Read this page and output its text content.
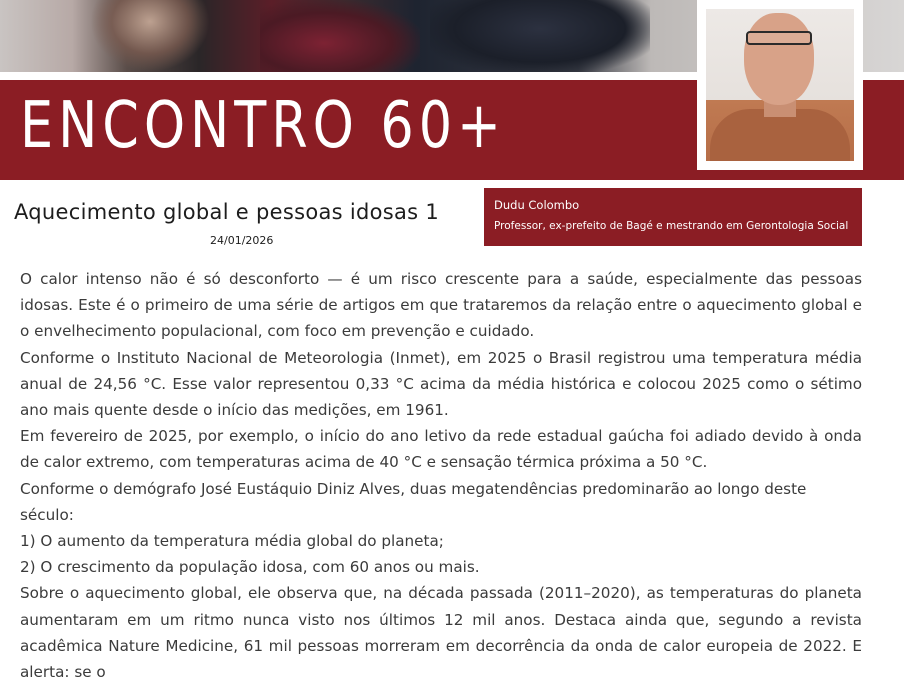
ENCONTRO 60+
Aquecimento global e pessoas idosas 1
24/01/2026
Dudu Colombo
Professor, ex-prefeito de Bagé e mestrando em Gerontologia Social

O calor intenso não é só desconforto — é um risco crescente para a saúde, especialmente das pessoas idosas. Este é o primeiro de uma série de artigos em que trataremos da relação entre o aquecimento global e o envelhecimento populacional, com foco em prevenção e cuidado.

Conforme o Instituto Nacional de Meteorologia (Inmet), em 2025 o Brasil registrou uma temperatura média anual de 24,56 °C. Esse valor representou 0,33 °C acima da média histórica e colocou 2025 como o sétimo ano mais quente desde o início das medições, em 1961.

Em fevereiro de 2025, por exemplo, o início do ano letivo da rede estadual gaúcha foi adiado devido à onda de calor extremo, com temperaturas acima de 40 °C e sensação térmica próxima a 50 °C.

Conforme o demógrafo José Eustáquio Diniz Alves, duas megatendências predominarão ao longo deste século:

1) O aumento da temperatura média global do planeta;

2) O crescimento da população idosa, com 60 anos ou mais.

Sobre o aquecimento global, ele observa que, na década passada (2011–2020), as temperaturas do planeta aumentaram em um ritmo nunca visto nos últimos 12 mil anos. Destaca ainda que, segundo a revista acadêmica Nature Medicine, 61 mil pessoas morreram em decorrência da onda de calor europeia de 2022. E alerta: se o
